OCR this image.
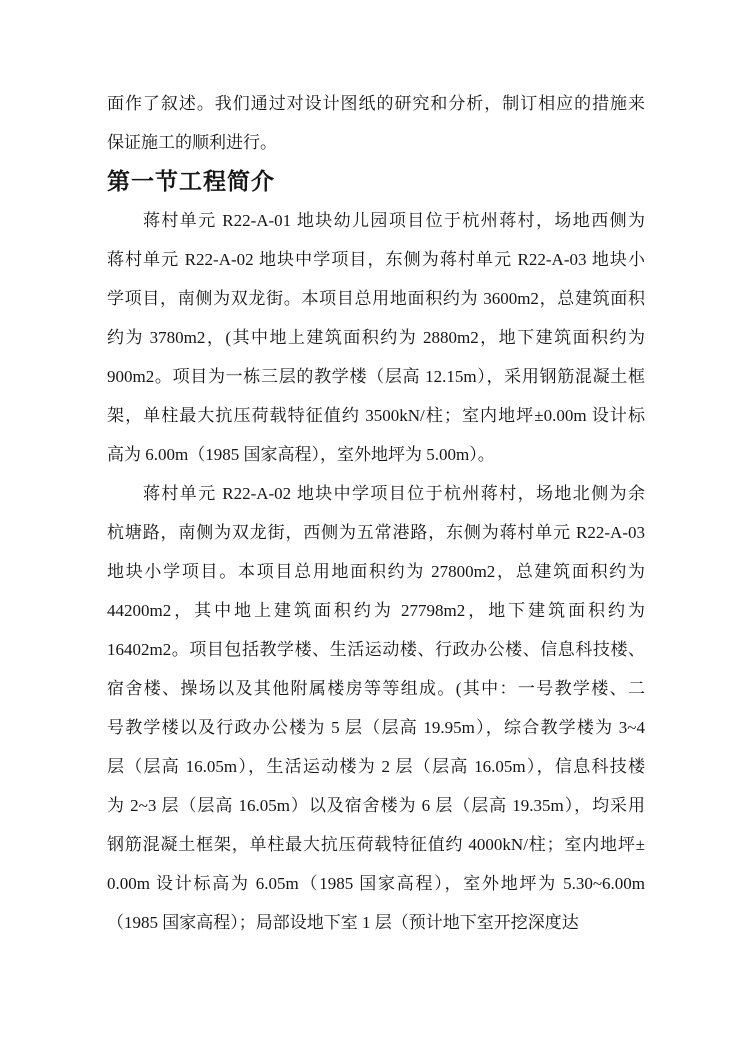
面作了叙述。我们通过对设计图纸的研究和分析，制订相应的措施来
保证施工的顺利进行。
第一节工程简介
蒋村单元 R22-A-01 地块幼儿园项目位于杭州蒋村，场地西侧为
蒋村单元 R22-A-02 地块中学项目，东侧为蒋村单元 R22-A-03 地块小
学项目，南侧为双龙街。本项目总用地面积约为 3600m2，总建筑面积
约为 3780m2，(其中地上建筑面积约为 2880m2，地下建筑面积约为
900m2。项目为一栋三层的教学楼（层高 12.15m），采用钢筋混凝土框
架，单柱最大抗压荷载特征值约 3500kN/柱；室内地坪±0.00m 设计标
高为 6.00m（1985 国家高程），室外地坪为 5.00m）。
蒋村单元 R22-A-02 地块中学项目位于杭州蒋村，场地北侧为余
杭塘路，南侧为双龙街，西侧为五常港路，东侧为蒋村单元 R22-A-03
地块小学项目。本项目总用地面积约为 27800m2，总建筑面积约为
44200m2，其中地上建筑面积约为 27798m2，地下建筑面积约为
16402m2。项目包括教学楼、生活运动楼、行政办公楼、信息科技楼、
宿舍楼、操场以及其他附属楼房等等组成。(其中：一号教学楼、二
号教学楼以及行政办公楼为 5 层（层高 19.95m），综合教学楼为 3~4
层（层高 16.05m），生活运动楼为 2 层（层高 16.05m），信息科技楼
为 2~3 层（层高 16.05m）以及宿舍楼为 6 层（层高 19.35m），均采用
钢筋混凝土框架，单柱最大抗压荷载特征值约 4000kN/柱；室内地坪±
0.00m 设计标高为 6.05m（1985 国家高程），室外地坪为 5.30~6.00m
（1985 国家高程）；局部设地下室 1 层（预计地下室开挖深度达
